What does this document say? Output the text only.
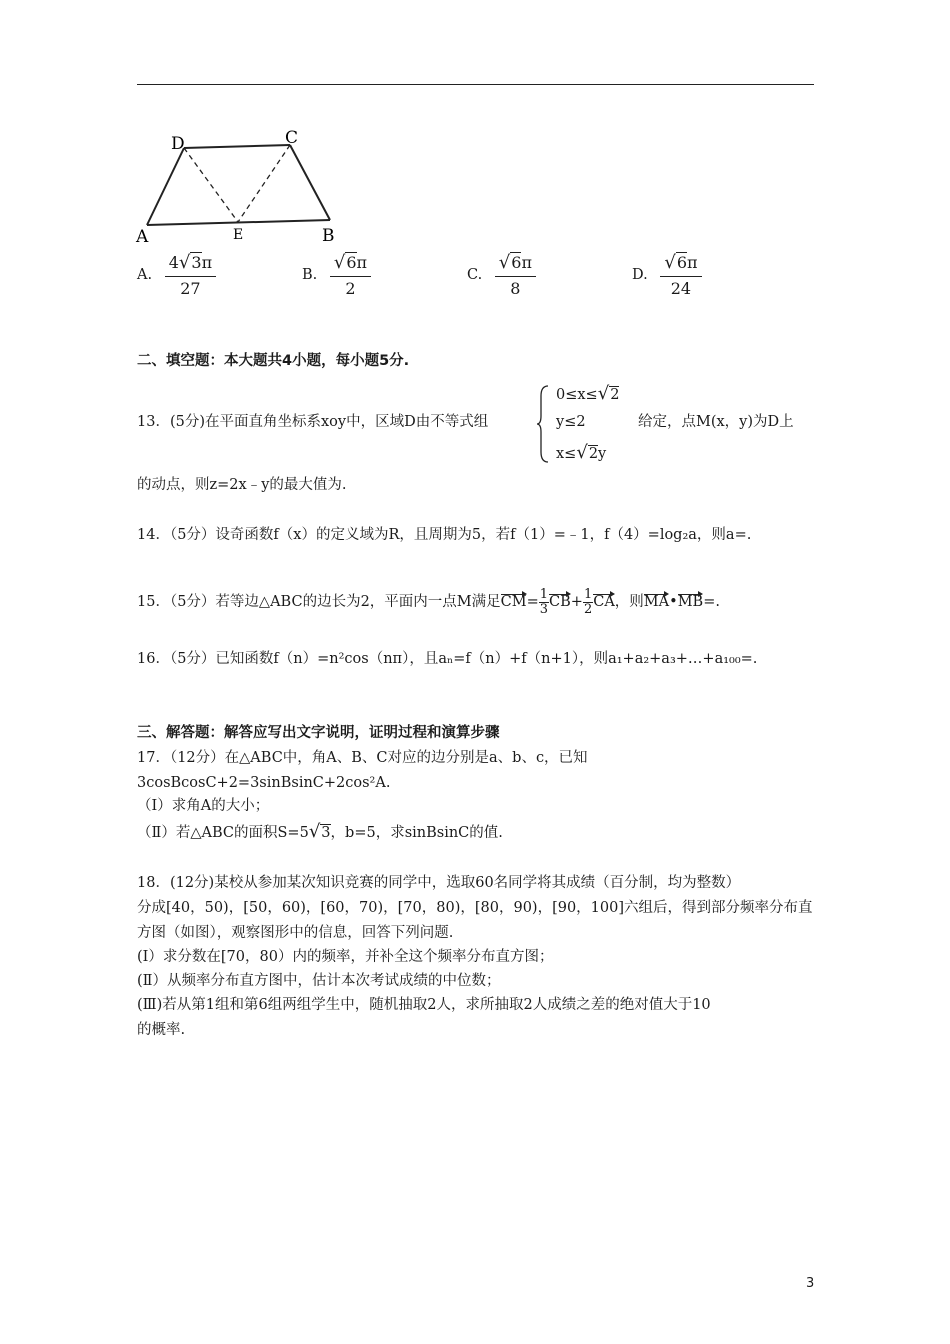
A	B
C
D
E
A. $\frac{4√3\pi}{27}$	B. $\frac{√6\pi}{2}$	C. $\frac{√6\pi}{8}$	D. $\frac{√6\pi}{24}$
二、填空题：本大题共4小题，每小题5分.
13．(5分)在平面直角坐标系xoy中，区域D由不等式组
0≤x≤√2
y≤2
x≤√2y
给定，点M(x，y)为D上
的动点，则z=2x﹣y的最大值为.
14．（5分）设奇函数f（x）的定义域为R，且周期为5，若f（1）=﹣1，f（4）=log₂a，则a=.
15．（5分）若等边△ABC的边长为2，平面内一点M满足$CM= \frac{1}{3} CB+ \frac{1}{2}$ CA，则MA•MB=.
16．（5分）已知函数f（n）=n²cos（nπ），且aₙ=f（n）+f（n+1），则a₁+a₂+a₃+…+a₁₀₀=.
三、解答题：解答应写出文字说明，证明过程和演算步骤
17．（12分）在△ABC中，角A、B、C对应的边分别是a、b、c，已知
3cosBcosC+2=3sinBsinC+2cos²A.
（I）求角A的大小；
（Ⅱ）若△ABC的面积S=5√3，b=5，求sinBsinC的值.
18．(12分)某校从参加某次知识竞赛的同学中，选取60名同学将其成绩（百分制，均为整数）
分成[40，50)，[50，60)，[60，70)，[70，80)，[80，90)，[90，100]六组后，得到部分频率分布直
方图（如图），观察图形中的信息，回答下列问题.
(Ⅰ）求分数在[70，80）内的频率，并补全这个频率分布直方图；
(Ⅱ）从频率分布直方图中，估计本次考试成绩的中位数；
(Ⅲ)若从第1组和第6组两组学生中，随机抽取2人，求所抽取2人成绩之差的绝对值大于10
的概率.
3
